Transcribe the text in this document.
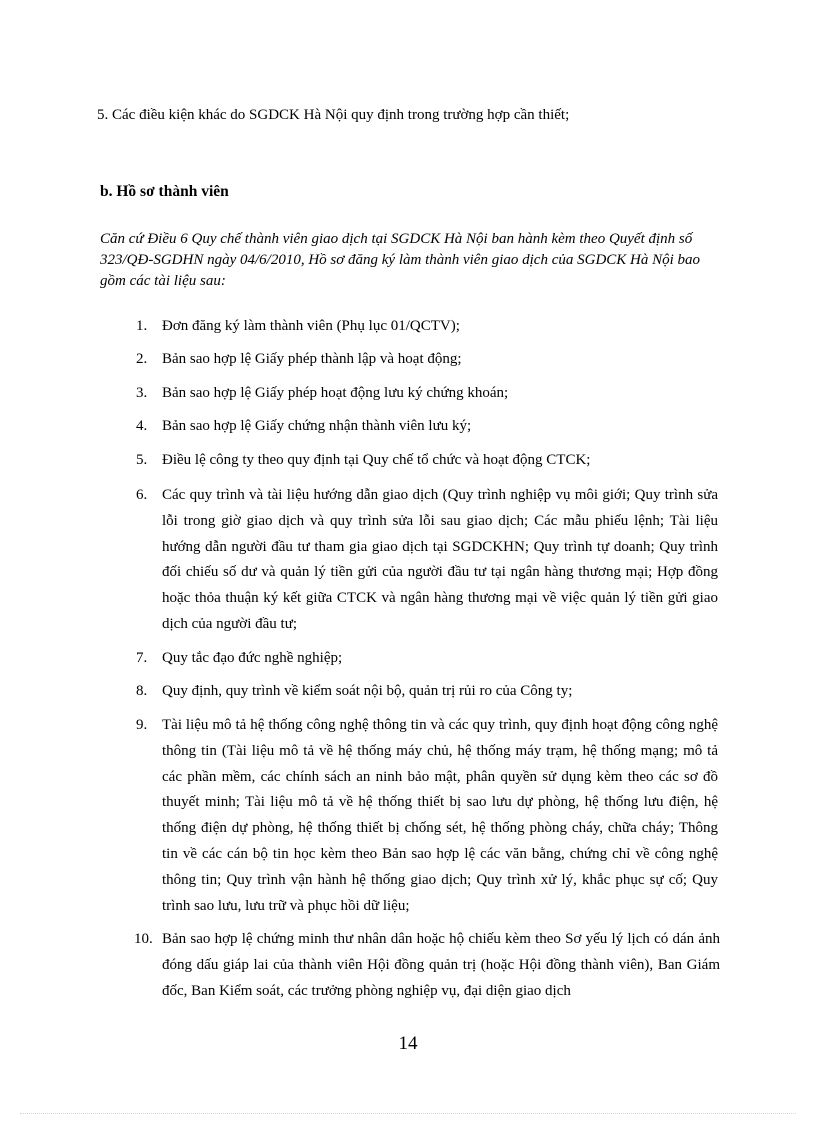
5. Các điều kiện khác do SGDCK Hà Nội quy định trong trường hợp cần thiết;

b. Hồ sơ thành viên

Căn cứ Điều 6 Quy chế thành viên giao dịch tại SGDCK Hà Nội ban hành kèm theo Quyết định số 323/QĐ-SGDHN ngày 04/6/2010, Hồ sơ đăng ký làm thành viên giao dịch của SGDCK Hà Nội bao gồm các tài liệu sau:

1. Đơn đăng ký làm thành viên (Phụ lục 01/QCTV);
2. Bản sao hợp lệ Giấy phép thành lập và hoạt động;
3. Bản sao hợp lệ Giấy phép hoạt động lưu ký chứng khoán;
4. Bản sao hợp lệ Giấy chứng nhận thành viên lưu ký;
5. Điều lệ công ty theo quy định tại Quy chế tổ chức và hoạt động CTCK;
6. Các quy trình và tài liệu hướng dẫn giao dịch (Quy trình nghiệp vụ môi giới; Quy trình sửa lỗi trong giờ giao dịch và quy trình sửa lỗi sau giao dịch; Các mẫu phiếu lệnh; Tài liệu hướng dẫn người đầu tư tham gia giao dịch tại SGDCKHN; Quy trình tự doanh; Quy trình đối chiếu số dư và quản lý tiền gửi của người đầu tư tại ngân hàng thương mại; Hợp đồng hoặc thỏa thuận ký kết giữa CTCK và ngân hàng thương mại về việc quản lý tiền gửi giao dịch của người đầu tư;
7. Quy tắc đạo đức nghề nghiệp;
8. Quy định, quy trình về kiểm soát nội bộ, quản trị rủi ro của Công ty;
9. Tài liệu mô tả hệ thống công nghệ thông tin và các quy trình, quy định hoạt động công nghệ thông tin (Tài liệu mô tả về hệ thống máy chủ, hệ thống máy trạm, hệ thống mạng; mô tả các phần mềm, các chính sách an ninh bảo mật, phân quyền sử dụng kèm theo các sơ đồ thuyết minh; Tài liệu mô tả về hệ thống thiết bị sao lưu dự phòng, hệ thống lưu điện, hệ thống điện dự phòng, hệ thống thiết bị chống sét, hệ thống phòng cháy, chữa cháy; Thông tin về các cán bộ tin học kèm theo Bản sao hợp lệ các văn bằng, chứng chỉ về công nghệ thông tin; Quy trình vận hành hệ thống giao dịch; Quy trình xử lý, khắc phục sự cố; Quy trình sao lưu, lưu trữ và phục hồi dữ liệu;
10. Bản sao hợp lệ chứng minh thư nhân dân hoặc hộ chiếu kèm theo Sơ yếu lý lịch có dán ảnh đóng dấu giáp lai của thành viên Hội đồng quản trị (hoặc Hội đồng thành viên), Ban Giám đốc, Ban Kiểm soát, các trưởng phòng nghiệp vụ, đại diện giao dịch
14
